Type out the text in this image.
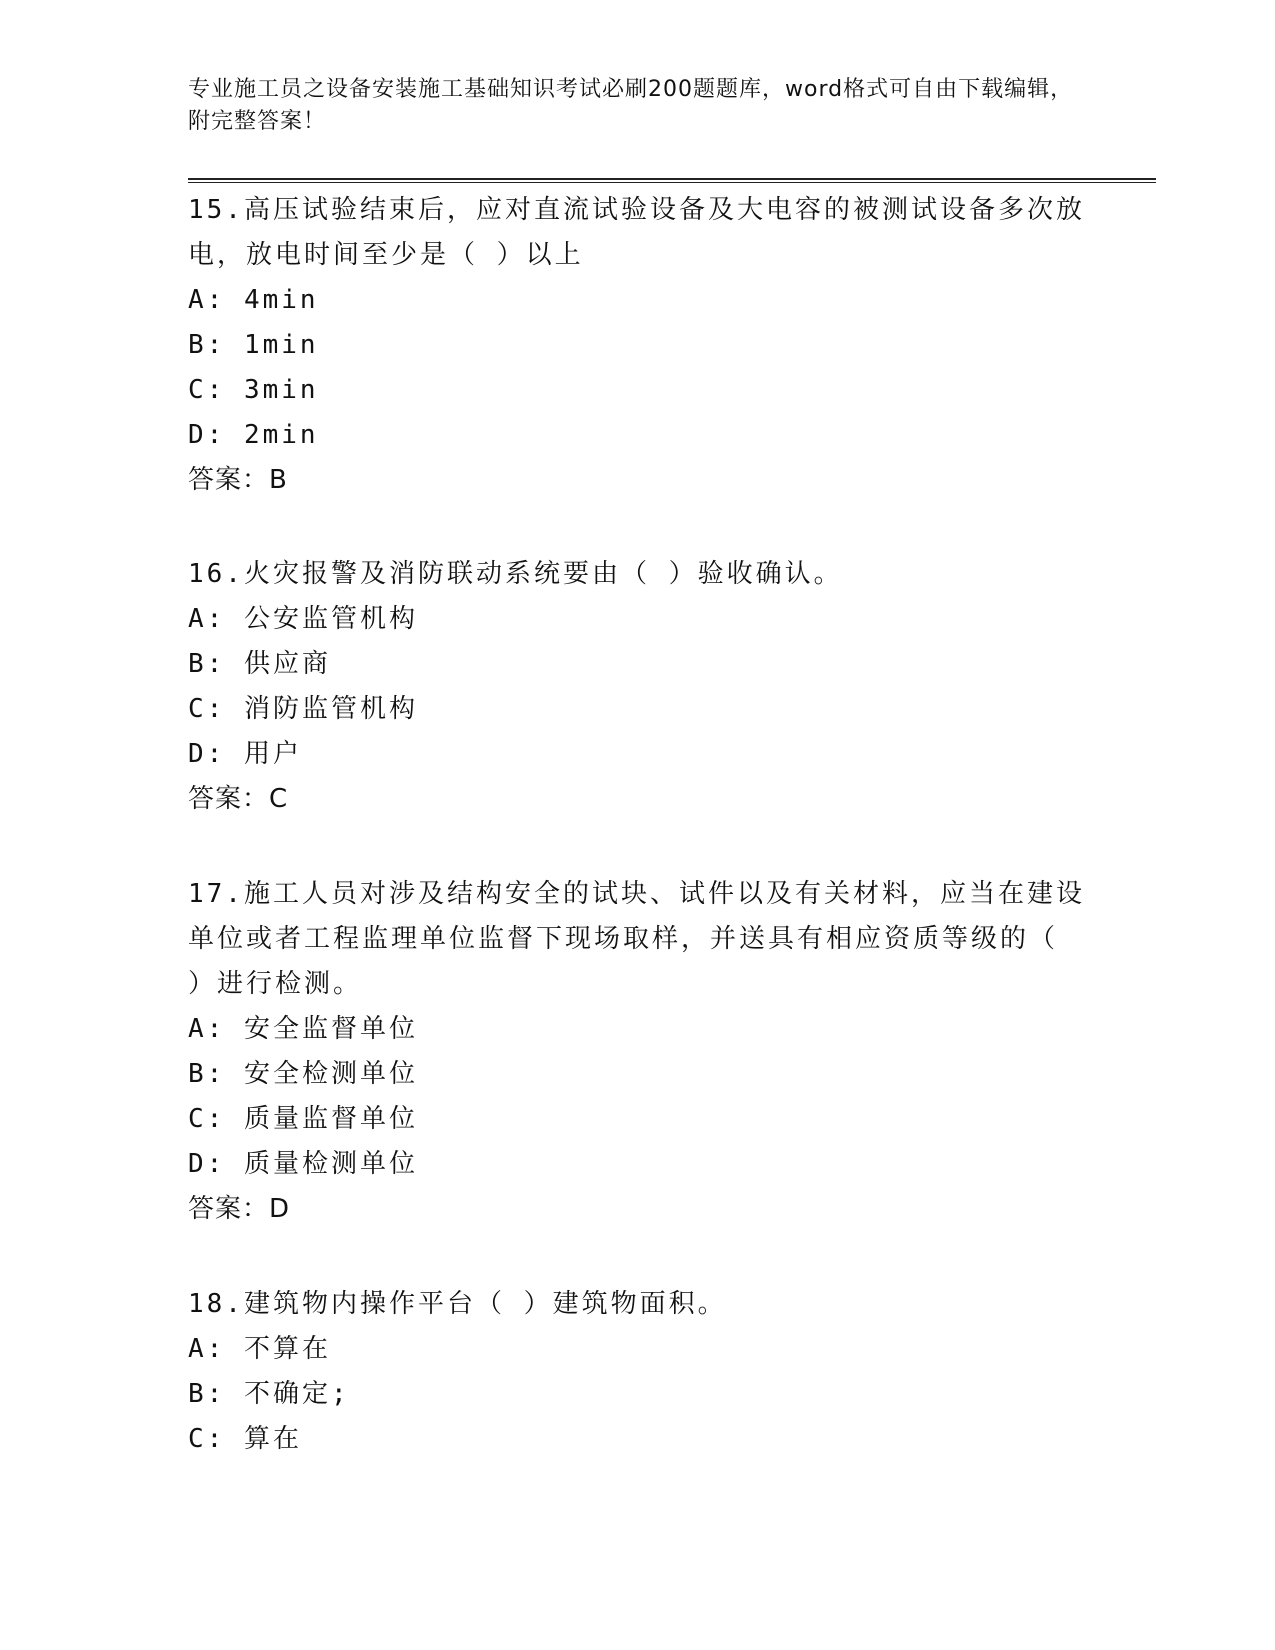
专业施工员之设备安装施工基础知识考试必刷200题题库，word格式可自由下载编辑，附完整答案！

15.高压试验结束后，应对直流试验设备及大电容的被测试设备多次放电，放电时间至少是（ ）以上

A: 4min

B: 1min

C: 3min

D: 2min

答案：B

16.火灾报警及消防联动系统要由（ ）验收确认。

A: 公安监管机构

B: 供应商

C: 消防监管机构

D: 用户

答案：C

17.施工人员对涉及结构安全的试块、试件以及有关材料，应当在建设单位或者工程监理单位监督下现场取样，并送具有相应资质等级的（ ）进行检测。

A: 安全监督单位

B: 安全检测单位

C: 质量监督单位

D: 质量检测单位

答案：D

18.建筑物内操作平台（ ）建筑物面积。

A: 不算在

B: 不确定;

C: 算在
